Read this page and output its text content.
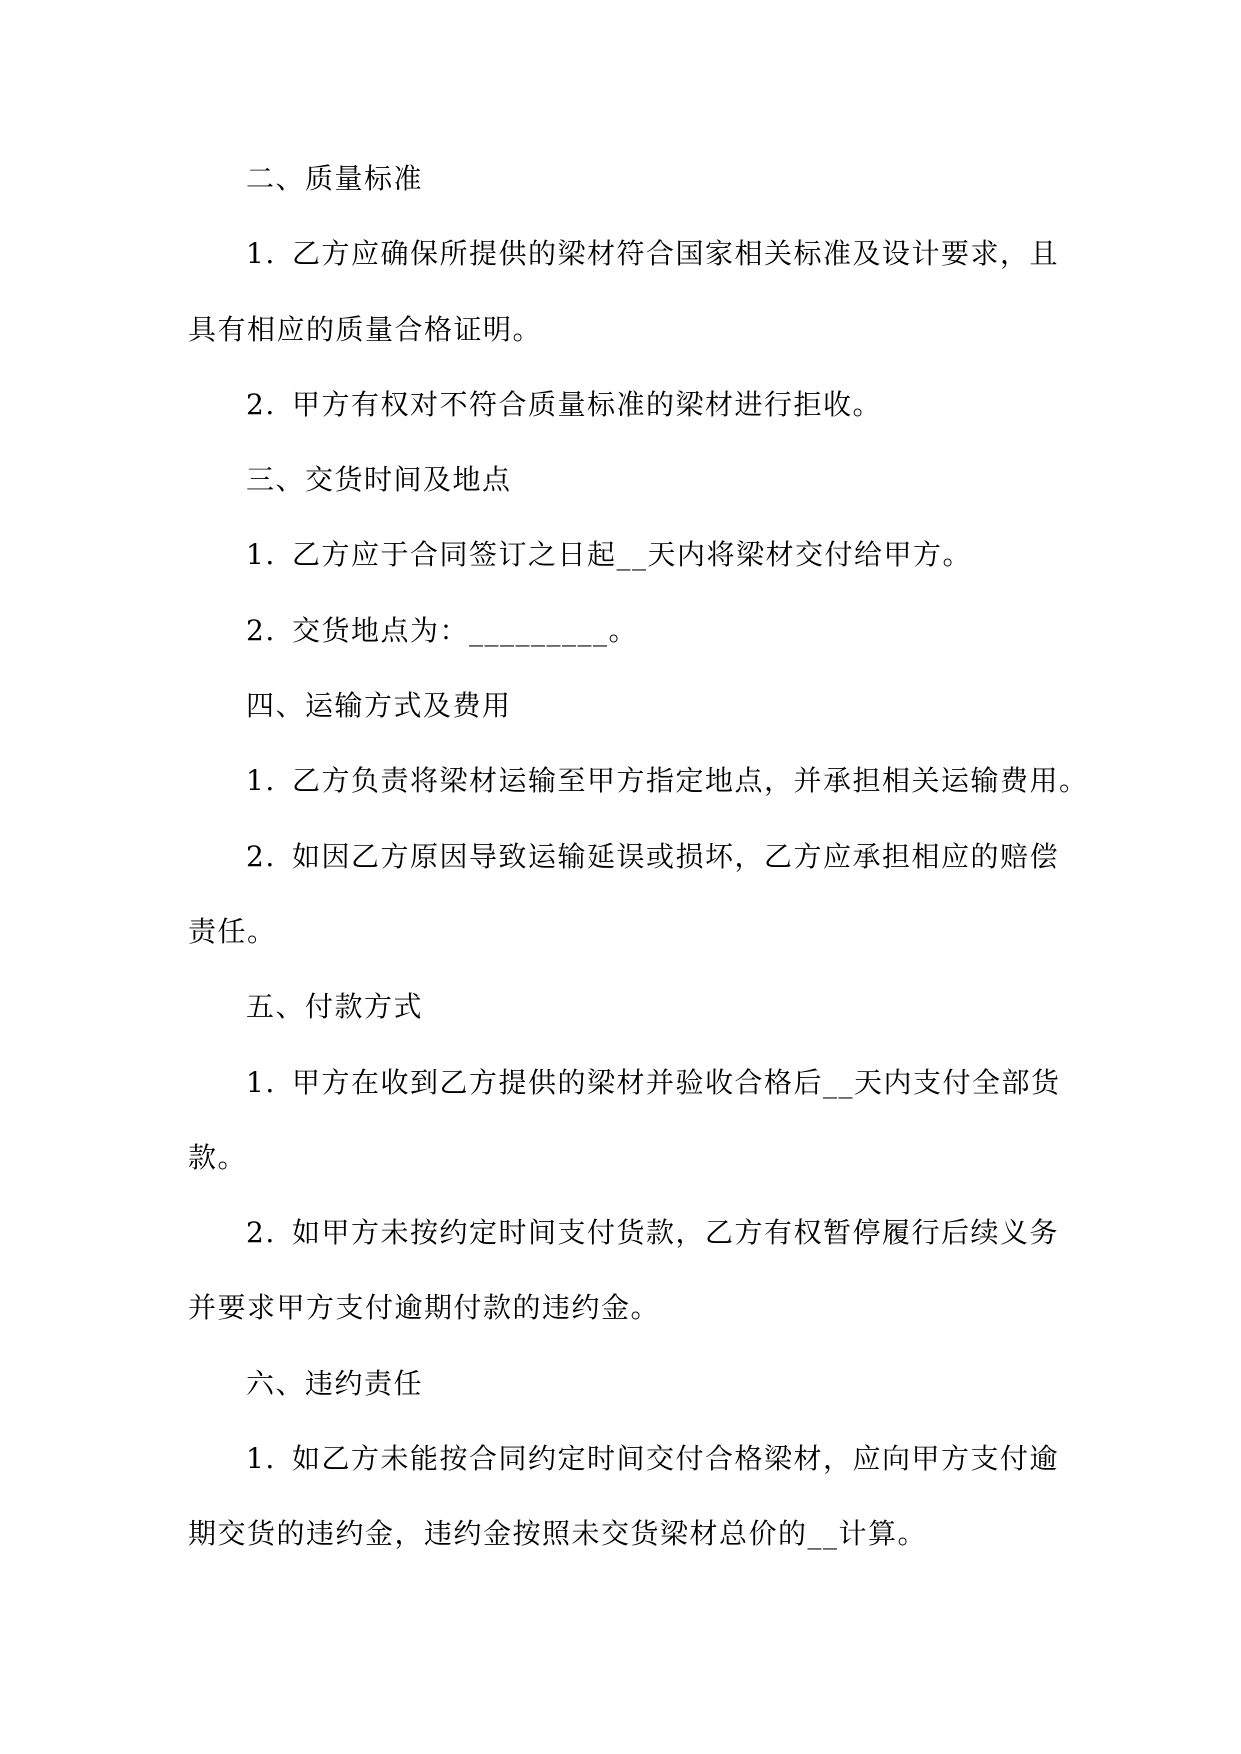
二、质量标准
1. 乙方应确保所提供的梁材符合国家相关标准及设计要求，且
具有相应的质量合格证明。
2. 甲方有权对不符合质量标准的梁材进行拒收。
三、交货时间及地点
1. 乙方应于合同签订之日起__天内将梁材交付给甲方。
2. 交货地点为：_________。
四、运输方式及费用
1. 乙方负责将梁材运输至甲方指定地点，并承担相关运输费用。
2. 如因乙方原因导致运输延误或损坏，乙方应承担相应的赔偿
责任。
五、付款方式
1. 甲方在收到乙方提供的梁材并验收合格后__天内支付全部货
款。
2. 如甲方未按约定时间支付货款，乙方有权暂停履行后续义务
并要求甲方支付逾期付款的违约金。
六、违约责任
1. 如乙方未能按合同约定时间交付合格梁材，应向甲方支付逾
期交货的违约金，违约金按照未交货梁材总价的__计算。
